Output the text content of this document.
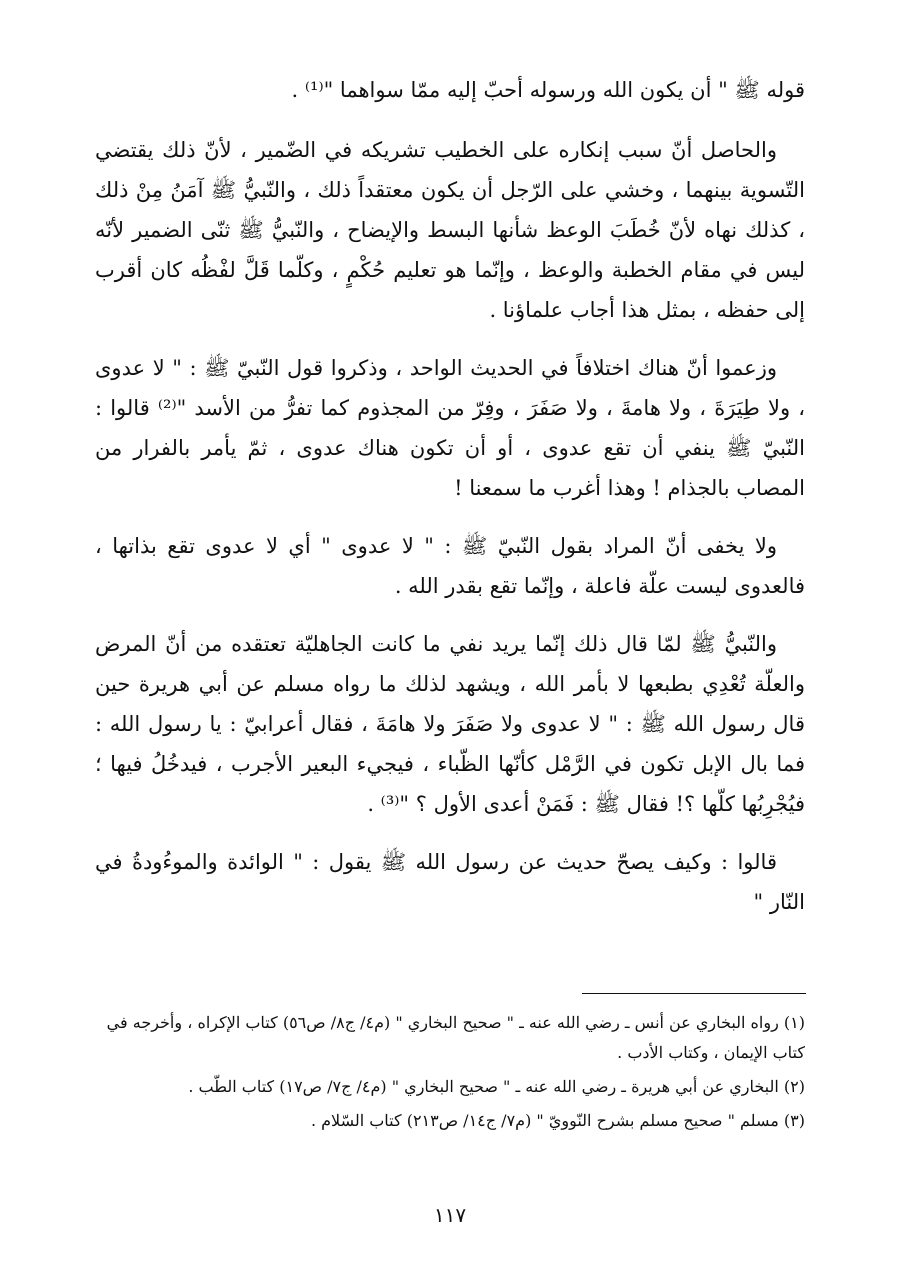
قوله ﷺ " أن يكون الله ورسوله أحبّ إليه ممّا سواهما "⁽¹⁾ .

والحاصل أنّ سبب إنكاره على الخطيب تشريكه في الضّمير ، لأنّ ذلك يقتضي التّسوية بينهما ، وخشي على الرّجل أن يكون معتقداً ذلك ، والنّبيُّ ﷺ آمَنُ مِنْ ذلك ، كذلك نهاه لأنّ خُطَبَ الوعظ شأنها البسط والإيضاح ، والنّبيُّ ﷺ ثنّى الضمير لأنّه ليس في مقام الخطبة والوعظ ، وإنّما هو تعليم حُكْمٍ ، وكلّما قَلَّ لفْظُه كان أقرب إلى حفظه ، بمثل هذا أجاب علماؤنا .

وزعموا أنّ هناك اختلافاً في الحديث الواحد ، وذكروا قول النّبيّ ﷺ : " لا عدوى ، ولا طِيَرَةَ ، ولا هامةَ ، ولا صَفَرَ ، وفِرّ من المجذوم كما تفرُّ من الأسد "⁽²⁾ قالوا : النّبيّ ﷺ ينفي أن تقع عدوى ، أو أن تكون هناك عدوى ، ثمّ يأمر بالفرار من المصاب بالجذام ! وهذا أغرب ما سمعنا !

ولا يخفى أنّ المراد بقول النّبيّ ﷺ : " لا عدوى " أي لا عدوى تقع بذاتها ، فالعدوى ليست علّة فاعلة ، وإنّما تقع بقدر الله .

والنّبيُّ ﷺ لمّا قال ذلك إنّما يريد نفي ما كانت الجاهليّة تعتقده من أنّ المرض والعلّة تُعْدِي بطبعها لا بأمر الله ، ويشهد لذلك ما رواه مسلم عن أبي هريرة حين قال رسول الله ﷺ : " لا عدوى ولا صَفَرَ ولا هامَةَ ، فقال أعرابيّ : يا رسول الله : فما بال الإبل تكون في الرَّمْل كأنّها الظّباء ، فيجيء البعير الأجرب ، فيدخُلُ فيها ؛ فيُجْرِبُها كلّها ؟! فقال ﷺ : فَمَنْ أعدى الأول ؟ "⁽³⁾ .

قالوا : وكيف يصحّ حديث عن رسول الله ﷺ يقول : " الوائدة والموءُودةُ في النّار "

(١) رواه البخاري عن أنس ـ رضي الله عنه ـ " صحيح البخاري " (م٤/ ج٨/ ص٥٦) كتاب الإكراه ، وأخرجه في كتاب الإيمان ، وكتاب الأدب .

(٢) البخاري عن أبي هريرة ـ رضي الله عنه ـ " صحيح البخاري " (م٤/ ج٧/ ص١٧) كتاب الطّب .

(٣) مسلم " صحيح مسلم بشرح النّوويّ " (م٧/ ج١٤/ ص٢١٣) كتاب السّلام .

١١٧
